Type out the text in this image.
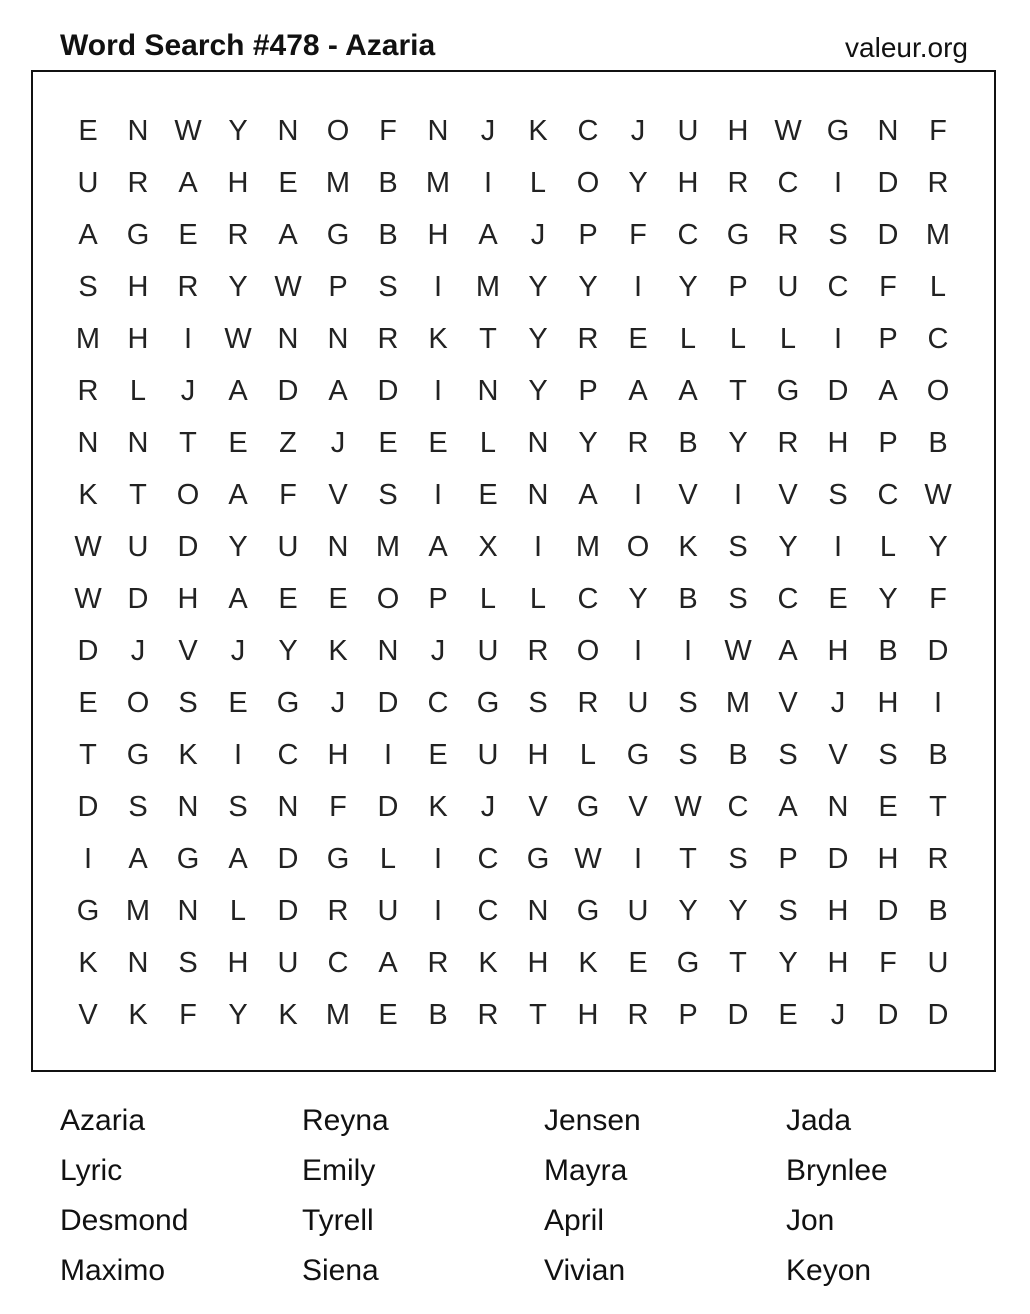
Word Search #478 - Azaria	valeur.org
E	N W Y	N O	F	N	J	K	C	J	U	H W G N	F
U	R	A	H	E M B M	I	L	O	Y	H	R	C	I	D	R
A	G	E	R	A	G	B	H	A	J	P	F	C G R	S	D M
S	H	R	Y W P	S	I	M Y	Y	I	Y	P	U	C	F	L
M H	I	W N	N	R	K	T	Y	R	E	L	L	L	I	P	C
R	L	J	A	D	A	D	I	N	Y	P	A	A	T	G D	A	O
N	N	T	E	Z	J	E	E	L	N	Y	R	B	Y	R	H	P	B
K	T	O	A	F	V	S	I	E	N	A	I	V	I	V	S	C W
W U	D	Y	U	N M A	X	I	M O	K	S	Y	I	L	Y
W D	H	A	E	E	O	P	L	L	C	Y	B	S	C	E	Y	F
D	J	V	J	Y	K	N	J	U	R O	I	I	W A	H	B	D
E	O	S	E	G	J	D	C G	S	R	U	S M V	J	H	I
T	G	K	I	C	H	I	E	U	H	L	G	S	B	S	V	S	B
D	S	N	S	N	F	D	K	J	V	G	V W C	A	N	E	T
I	A	G	A	D G	L	I	C G W	I	T	S	P	D	H	R
G M N	L	D	R	U	I	C	N G U	Y	Y	S	H	D	B
K	N	S	H	U	C	A	R	K	H	K	E	G	T	Y	H	F	U
V	K	F	Y	K M E	B	R	T	H	R	P	D	E	J	D	D
Azaria	Reyna	Jensen	Jada
Lyric	Emily	Mayra	Brynlee
Desmond	Tyrell	April	Jon
Maximo	Siena	Vivian	Keyon
